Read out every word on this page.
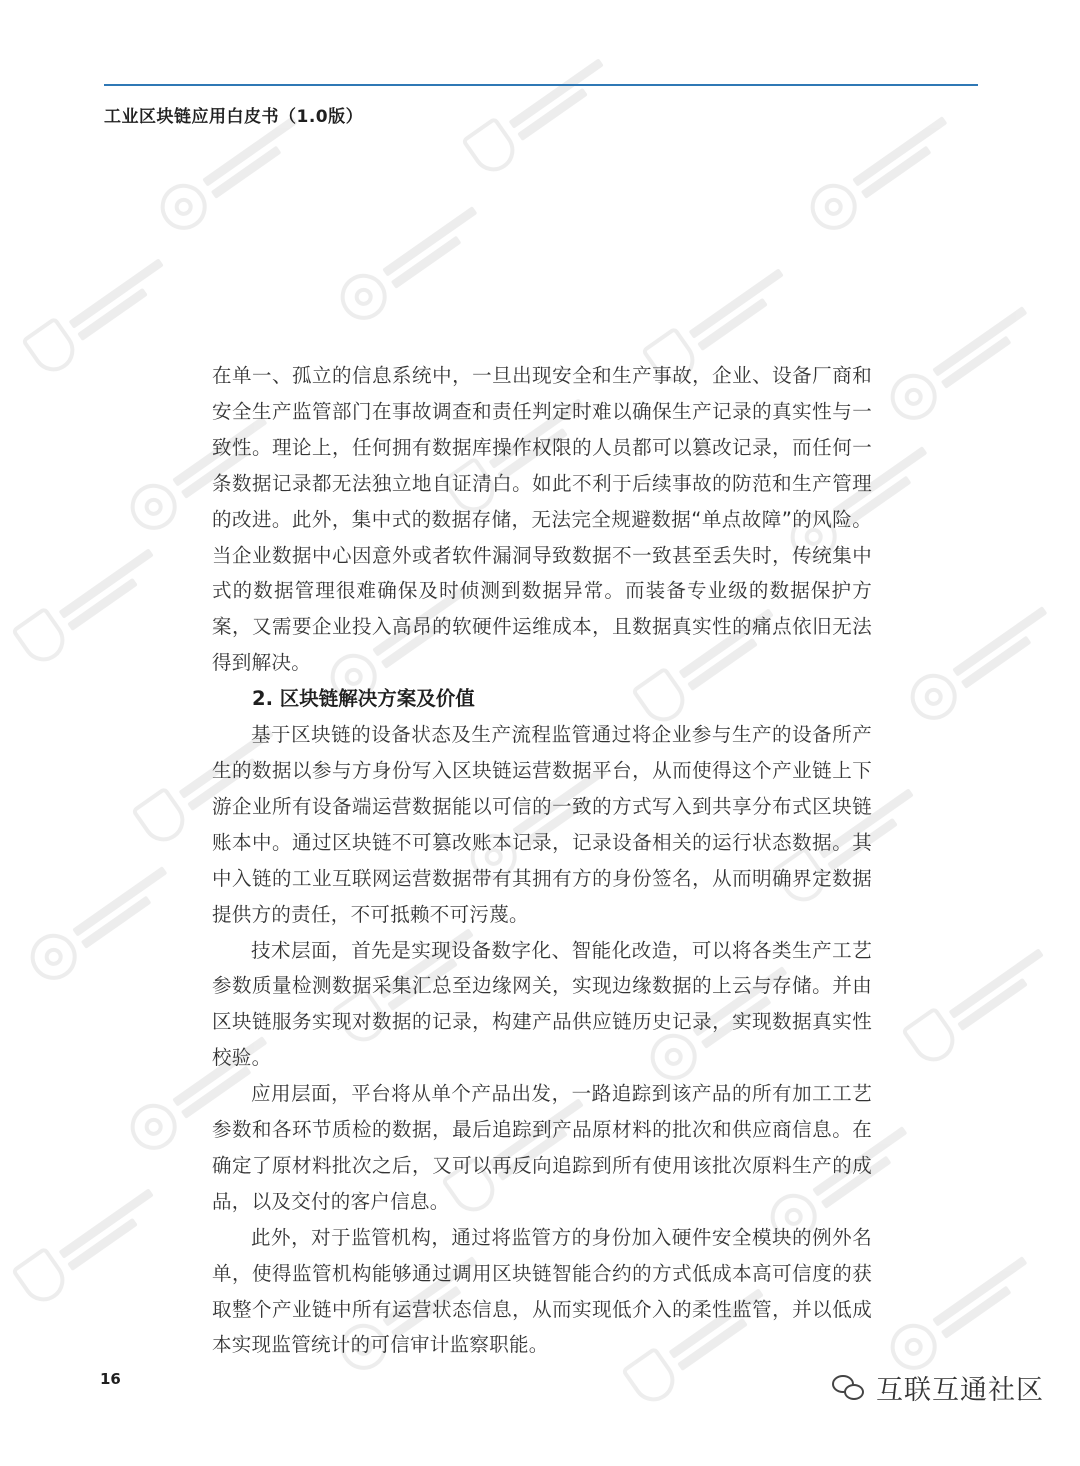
工业区块链应用白皮书（1.0版）

在单一、孤立的信息系统中，一旦出现安全和生产事故，企业、设备厂商和安全生产监管部门在事故调查和责任判定时难以确保生产记录的真实性与一致性。理论上，任何拥有数据库操作权限的人员都可以篡改记录，而任何一条数据记录都无法独立地自证清白。如此不利于后续事故的防范和生产管理的改进。此外，集中式的数据存储，无法完全规避数据“单点故障”的风险。当企业数据中心因意外或者软件漏洞导致数据不一致甚至丢失时，传统集中式的数据管理很难确保及时侦测到数据异常。而装备专业级的数据保护方案，又需要企业投入高昂的软硬件运维成本，且数据真实性的痛点依旧无法得到解决。

2. 区块链解决方案及价值

基于区块链的设备状态及生产流程监管通过将企业参与生产的设备所产生的数据以参与方身份写入区块链运营数据平台，从而使得这个产业链上下游企业所有设备端运营数据能以可信的一致的方式写入到共享分布式区块链账本中。通过区块链不可篡改账本记录，记录设备相关的运行状态数据。其中入链的工业互联网运营数据带有其拥有方的身份签名，从而明确界定数据提供方的责任，不可抵赖不可污蔑。

技术层面，首先是实现设备数字化、智能化改造，可以将各类生产工艺参数质量检测数据采集汇总至边缘网关，实现边缘数据的上云与存储。并由区块链服务实现对数据的记录，构建产品供应链历史记录，实现数据真实性校验。

应用层面，平台将从单个产品出发，一路追踪到该产品的所有加工工艺参数和各环节质检的数据，最后追踪到产品原材料的批次和供应商信息。在确定了原材料批次之后，又可以再反向追踪到所有使用该批次原料生产的成品，以及交付的客户信息。

此外，对于监管机构，通过将监管方的身份加入硬件安全模块的例外名单，使得监管机构能够通过调用区块链智能合约的方式低成本高可信度的获取整个产业链中所有运营状态信息，从而实现低介入的柔性监管，并以低成本实现监管统计的可信审计监察职能。

16	互联互通社区
